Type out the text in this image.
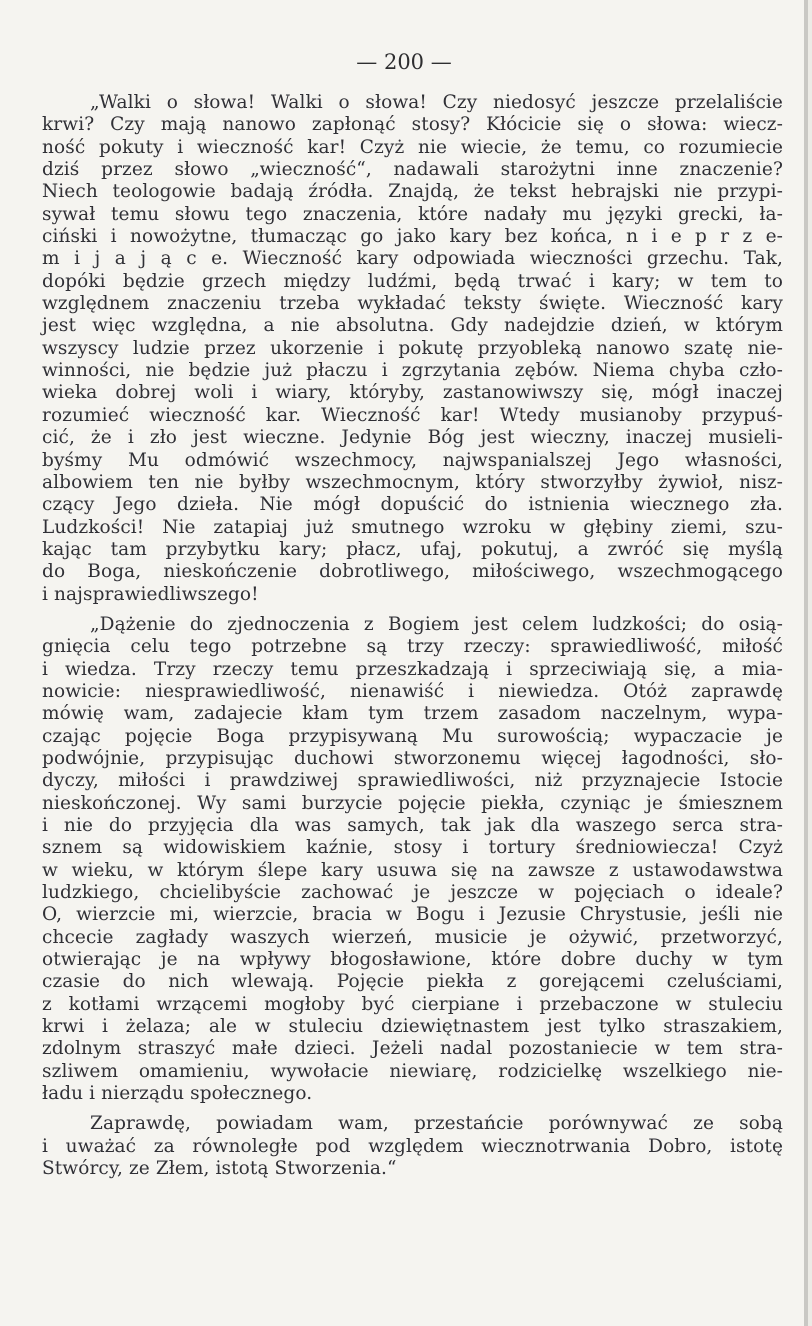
— 200 —
„Walki o słowa! Walki o słowa! Czy niedosyć jeszcze przelaliście
krwi? Czy mają nanowo zapłonąć stosy? Kłócicie się o słowa: wiecz-
ność pokuty i wieczność kar! Czyż nie wiecie, że temu, co rozumiecie
dziś przez słowo „wieczność“, nadawali starożytni inne znaczenie?
Niech teologowie badają źródła. Znajdą, że tekst hebrajski nie przypi-
sywał temu słowu tego znaczenia, które nadały mu języki grecki, ła-
ciński i nowożytne, tłumacząc go jako kary bez końca, n i e p r z e-
m i j a j ą c e. Wieczność kary odpowiada wieczności grzechu. Tak,
dopóki będzie grzech między ludźmi, będą trwać i kary; w tem to
względnem znaczeniu trzeba wykładać teksty święte. Wieczność kary
jest więc względna, a nie absolutna. Gdy nadejdzie dzień, w którym
wszyscy ludzie przez ukorzenie i pokutę przyobleką nanowo szatę nie-
winności, nie będzie już płaczu i zgrzytania zębów. Niema chyba czło-
wieka dobrej woli i wiary, któryby, zastanowiwszy się, mógł inaczej
rozumieć wieczność kar. Wieczność kar! Wtedy musianoby przypuś-
cić, że i zło jest wieczne. Jedynie Bóg jest wieczny, inaczej musieli-
byśmy Mu odmówić wszechmocy, najwspanialszej Jego własności,
albowiem ten nie byłby wszechmocnym, który stworzyłby żywioł, nisz-
czący Jego dzieła. Nie mógł dopuścić do istnienia wiecznego zła.
Ludzkości! Nie zatapiaj już smutnego wzroku w głębiny ziemi, szu-
kając tam przybytku kary; płacz, ufaj, pokutuj, a zwróć się myślą
do Boga, nieskończenie dobrotliwego, miłościwego, wszechmogącego
i najsprawiedliwszego!
„Dążenie do zjednoczenia z Bogiem jest celem ludzkości; do osią-
gnięcia celu tego potrzebne są trzy rzeczy: sprawiedliwość, miłość
i wiedza. Trzy rzeczy temu przeszkadzają i sprzeciwiają się, a mia-
nowicie: niesprawiedliwość, nienawiść i niewiedza. Otóż zaprawdę
mówię wam, zadajecie kłam tym trzem zasadom naczelnym, wypa-
czając pojęcie Boga przypisywaną Mu surowością; wypaczacie je
podwójnie, przypisując duchowi stworzonemu więcej łagodności, sło-
dyczy, miłości i prawdziwej sprawiedliwości, niż przyznajecie Istocie
nieskończonej. Wy sami burzycie pojęcie piekła, czyniąc je śmiesznem
i nie do przyjęcia dla was samych, tak jak dla waszego serca stra-
sznem są widowiskiem kaźnie, stosy i tortury średniowiecza! Czyż
w wieku, w którym ślepe kary usuwa się na zawsze z ustawodawstwa
ludzkiego, chcielibyście zachować je jeszcze w pojęciach o ideale?
O, wierzcie mi, wierzcie, bracia w Bogu i Jezusie Chrystusie, jeśli nie
chcecie zagłady waszych wierzeń, musicie je ożywić, przetworzyć,
otwierając je na wpływy błogosławione, które dobre duchy w tym
czasie do nich wlewają. Pojęcie piekła z gorejącemi czeluściami,
z kotłami wrzącemi mogłoby być cierpiane i przebaczone w stuleciu
krwi i żelaza; ale w stuleciu dziewiętnastem jest tylko straszakiem,
zdolnym straszyć małe dzieci. Jeżeli nadal pozostaniecie w tem stra-
szliwem omamieniu, wywołacie niewiarę, rodzicielkę wszelkiego nie-
ładu i nierządu społecznego.
Zaprawdę, powiadam wam, przestańcie porównywać ze sobą
i uważać za równoległe pod względem wiecznotrwania Dobro, istotę
Stwórcy, ze Złem, istotą Stworzenia.“
